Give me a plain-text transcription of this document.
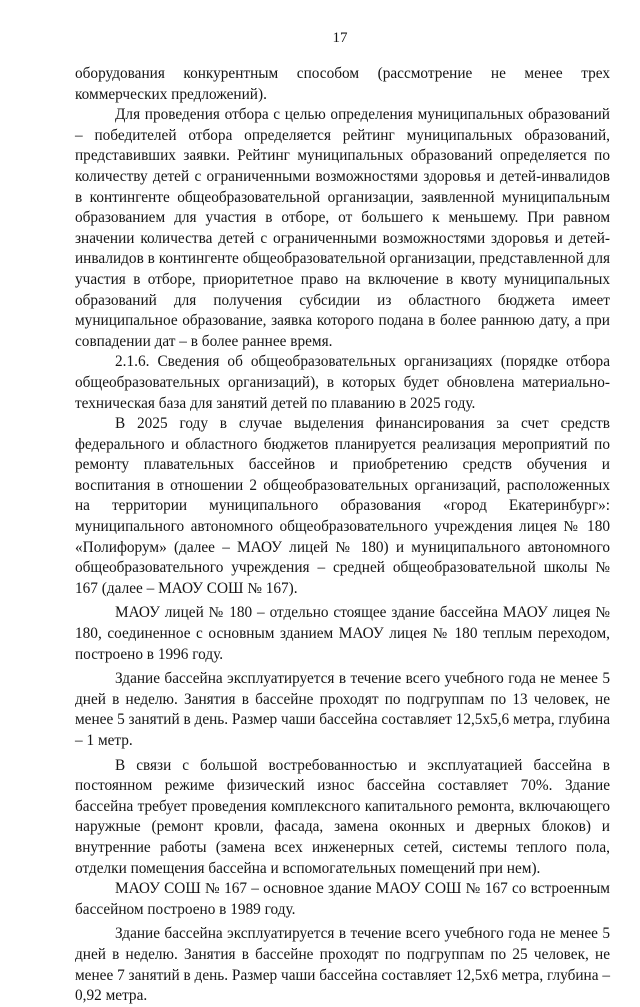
17

оборудования конкурентным способом (рассмотрение не менее трех коммерческих предложений).

Для проведения отбора с целью определения муниципальных образований – победителей отбора определяется рейтинг муниципальных образований, представивших заявки. Рейтинг муниципальных образований определяется по количеству детей с ограниченными возможностями здоровья и детей-инвалидов в контингенте общеобразовательной организации, заявленной муниципальным образованием для участия в отборе, от большего к меньшему. При равном значении количества детей с ограниченными возможностями здоровья и детей-инвалидов в контингенте общеобразовательной организации, представленной для участия в отборе, приоритетное право на включение в квоту муниципальных образований для получения субсидии из областного бюджета имеет муниципальное образование, заявка которого подана в более раннюю дату, а при совпадении дат – в более раннее время.

2.1.6. Сведения об общеобразовательных организациях (порядке отбора общеобразовательных организаций), в которых будет обновлена материально-техническая база для занятий детей по плаванию в 2025 году.

В 2025 году в случае выделения финансирования за счет средств федерального и областного бюджетов планируется реализация мероприятий по ремонту плавательных бассейнов и приобретению средств обучения и воспитания в отношении 2 общеобразовательных организаций, расположенных на территории муниципального образования «город Екатеринбург»: муниципального автономного общеобразовательного учреждения лицея № 180 «Полифорум» (далее – МАОУ лицей № 180) и муниципального автономного общеобразовательного учреждения – средней общеобразовательной школы № 167 (далее – МАОУ СОШ № 167).

МАОУ лицей № 180 – отдельно стоящее здание бассейна МАОУ лицея № 180, соединенное с основным зданием МАОУ лицея № 180 теплым переходом, построено в 1996 году.

Здание бассейна эксплуатируется в течение всего учебного года не менее 5 дней в неделю. Занятия в бассейне проходят по подгруппам по 13 человек, не менее 5 занятий в день. Размер чаши бассейна составляет 12,5х5,6 метра, глубина – 1 метр.

В связи с большой востребованностью и эксплуатацией бассейна в постоянном режиме физический износ бассейна составляет 70%. Здание бассейна требует проведения комплексного капитального ремонта, включающего наружные (ремонт кровли, фасада, замена оконных и дверных блоков) и внутренние работы (замена всех инженерных сетей, системы теплого пола, отделки помещения бассейна и вспомогательных помещений при нем).

МАОУ СОШ № 167 – основное здание МАОУ СОШ № 167 со встроенным бассейном построено в 1989 году.

Здание бассейна эксплуатируется в течение всего учебного года не менее 5 дней в неделю. Занятия в бассейне проходят по подгруппам по 25 человек, не менее 7 занятий в день. Размер чаши бассейна составляет 12,5х6 метра, глубина – 0,92 метра.
